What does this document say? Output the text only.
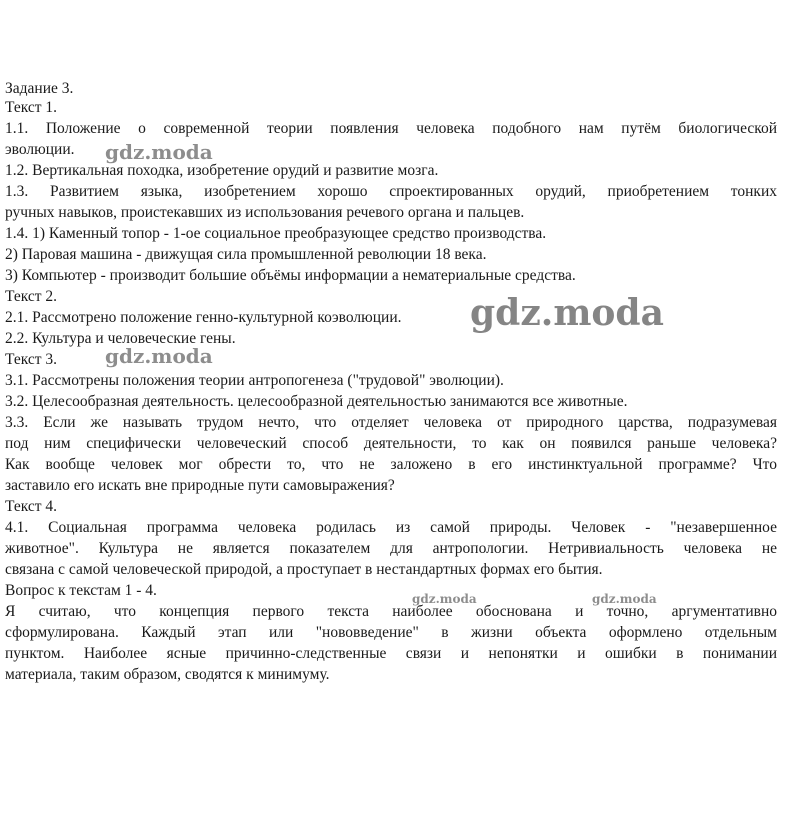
Задание 3.
Текст 1.
1.1. Положение о современной теории появления человека подобного нам путём биологической
эволюции.
1.2. Вертикальная походка, изобретение орудий и развитие мозга.
1.3. Развитием языка, изобретением хорошо спроектированных орудий, приобретением тонких
ручных навыков, проистекавших из использования речевого органа и пальцев.
1.4. 1) Каменный топор - 1-ое социальное преобразующее средство производства.
2) Паровая машина - движущая сила промышленной революции 18 века.
3) Компьютер - производит большие объёмы информации а нематериальные средства.
Текст 2.
2.1. Рассмотрено положение генно-культурной коэволюции.
2.2. Культура и человеческие гены.
Текст 3.
3.1. Рассмотрены положения теории антропогенеза ("трудовой" эволюции).
3.2. Целесообразная деятельность. целесообразной деятельностью занимаются все животные.
3.3. Если же называть трудом нечто, что отделяет человека от природного царства, подразумевая
под ним специфически человеческий способ деятельности, то как он появился раньше человека?
Как вообще человек мог обрести то, что не заложено в его инстинктуальной программе? Что
заставило его искать вне природные пути самовыражения?
Текст 4.
4.1. Социальная программа человека родилась из самой природы. Человек - "незавершенное
животное". Культура не является показателем для антропологии. Нетривиальность человека не
связана с самой человеческой природой, а проступает в нестандартных формах его бытия.
Вопрос к текстам 1 - 4.
Я считаю, что концепция первого текста наиболее обоснована и точно, аргументативно
сформулирована. Каждый этап или "нововведение" в жизни объекта оформлено отдельным
пунктом. Наиболее ясные причинно-следственные связи и непонятки и ошибки в понимании
материала, таким образом, сводятся к минимуму.
gdz.moda
gdz.moda
gdz.moda
gdz.moda	gdz.moda
